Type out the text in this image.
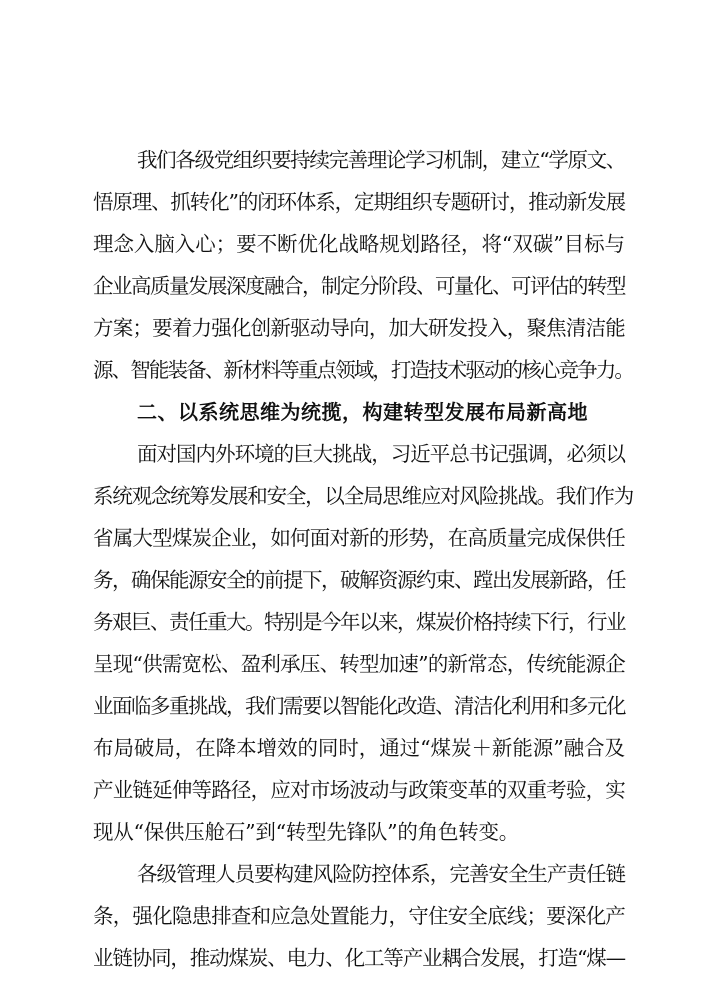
我们各级党组织要持续完善理论学习机制，建立“学原文、
悟原理、抓转化”的闭环体系，定期组织专题研讨，推动新发展
理念入脑入心；要不断优化战略规划路径，将“双碳”目标与
企业高质量发展深度融合，制定分阶段、可量化、可评估的转型
方案；要着力强化创新驱动导向，加大研发投入，聚焦清洁能
源、智能装备、新材料等重点领域，打造技术驱动的核心竞争力。
二、以系统思维为统揽，构建转型发展布局新高地
面对国内外环境的巨大挑战，习近平总书记强调，必须以
系统观念统筹发展和安全，以全局思维应对风险挑战。我们作为
省属大型煤炭企业，如何面对新的形势，在高质量完成保供任
务，确保能源安全的前提下，破解资源约束、蹚出发展新路，任
务艰巨、责任重大。特别是今年以来，煤炭价格持续下行，行业
呈现“供需宽松、盈利承压、转型加速”的新常态，传统能源企
业面临多重挑战，我们需要以智能化改造、清洁化利用和多元化
布局破局，在降本增效的同时，通过“煤炭＋新能源”融合及
产业链延伸等路径，应对市场波动与政策变革的双重考验，实
现从“保供压舱石”到“转型先锋队”的角色转变。
各级管理人员要构建风险防控体系，完善安全生产责任链
条，强化隐患排查和应急处置能力，守住安全底线；要深化产
业链协同，推动煤炭、电力、化工等产业耦合发展，打造“煤—
